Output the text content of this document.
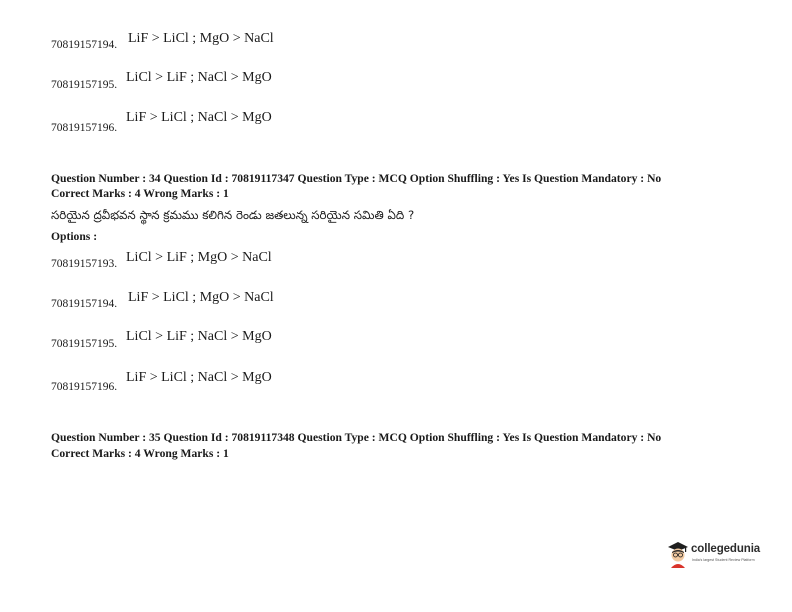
70819157194. LiF > LiCl ; MgO > NaCl
70819157195. LiCl > LiF ; NaCl > MgO
70819157196.
LiF > LiCl ; NaCl > MgO
Question Number : 34 Question Id : 70819117347 Question Type : MCQ Option Shuffling : Yes Is Question Mandatory : No
Correct Marks : 4 Wrong Marks : 1
సరియైన ద్రవీభవన స్థాన క్రమము కలిగిన రెండు జతలున్న సరియైన సమితి ఏది ?
Options :
70819157193. LiCl > LiF ; MgO > NaCl
70819157194. LiF > LiCl ; MgO > NaCl
70819157195. LiCl > LiF ; NaCl > MgO
70819157196.
LiF > LiCl ; NaCl > MgO
Question Number : 35 Question Id : 70819117348 Question Type : MCQ Option Shuffling : Yes Is Question Mandatory : No
Correct Marks : 4 Wrong Marks : 1
collegedunia
India's largest Student Review Platform
